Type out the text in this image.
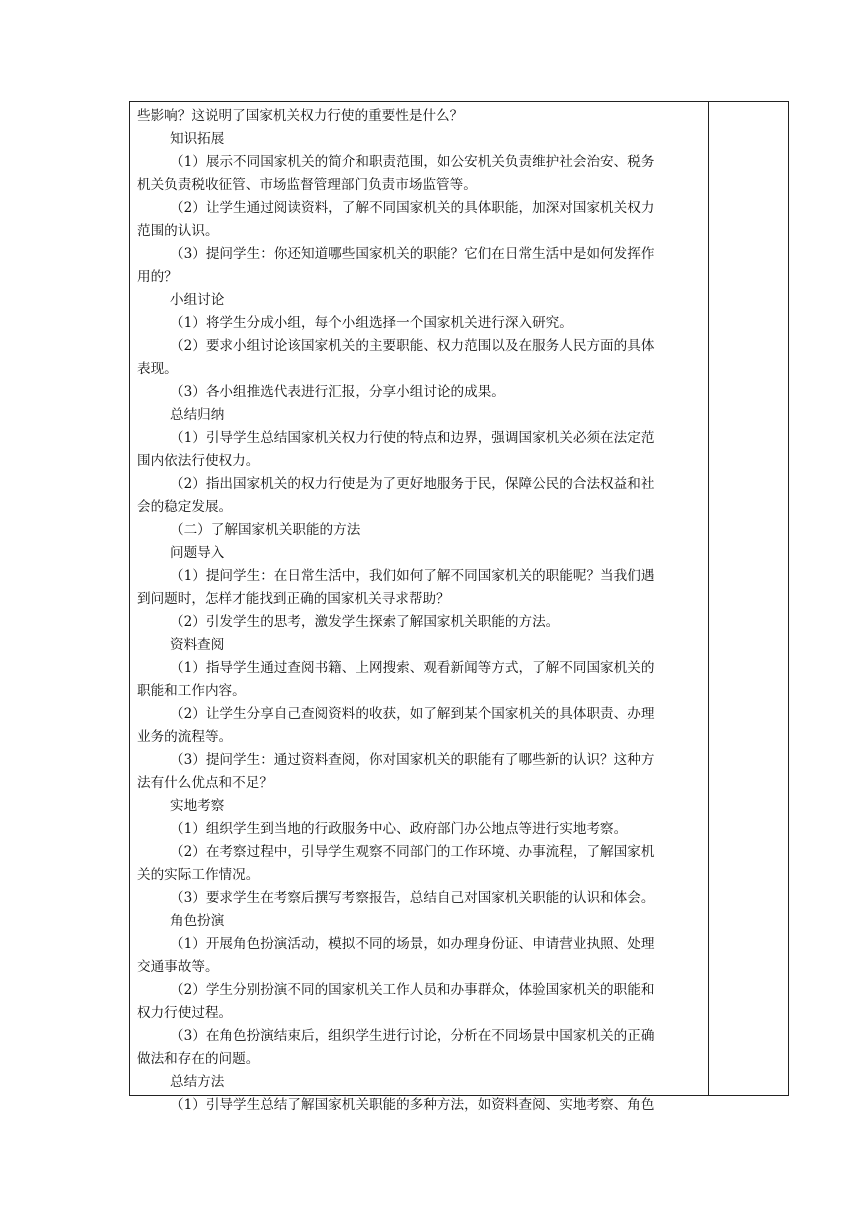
些影响？这说明了国家机关权力行使的重要性是什么？
知识拓展
（1）展示不同国家机关的简介和职责范围，如公安机关负责维护社会治安、税务
机关负责税收征管、市场监督管理部门负责市场监管等。
（2）让学生通过阅读资料，了解不同国家机关的具体职能，加深对国家机关权力
范围的认识。
（3）提问学生：你还知道哪些国家机关的职能？它们在日常生活中是如何发挥作
用的？
小组讨论
（1）将学生分成小组，每个小组选择一个国家机关进行深入研究。
（2）要求小组讨论该国家机关的主要职能、权力范围以及在服务人民方面的具体
表现。
（3）各小组推选代表进行汇报，分享小组讨论的成果。
总结归纳
（1）引导学生总结国家机关权力行使的特点和边界，强调国家机关必须在法定范
围内依法行使权力。
（2）指出国家机关的权力行使是为了更好地服务于民，保障公民的合法权益和社
会的稳定发展。
（二）了解国家机关职能的方法
问题导入
（1）提问学生：在日常生活中，我们如何了解不同国家机关的职能呢？当我们遇
到问题时，怎样才能找到正确的国家机关寻求帮助？
（2）引发学生的思考，激发学生探索了解国家机关职能的方法。
资料查阅
（1）指导学生通过查阅书籍、上网搜索、观看新闻等方式，了解不同国家机关的
职能和工作内容。
（2）让学生分享自己查阅资料的收获，如了解到某个国家机关的具体职责、办理
业务的流程等。
（3）提问学生：通过资料查阅，你对国家机关的职能有了哪些新的认识？这种方
法有什么优点和不足？
实地考察
（1）组织学生到当地的行政服务中心、政府部门办公地点等进行实地考察。
（2）在考察过程中，引导学生观察不同部门的工作环境、办事流程，了解国家机
关的实际工作情况。
（3）要求学生在考察后撰写考察报告，总结自己对国家机关职能的认识和体会。
角色扮演
（1）开展角色扮演活动，模拟不同的场景，如办理身份证、申请营业执照、处理
交通事故等。
（2）学生分别扮演不同的国家机关工作人员和办事群众，体验国家机关的职能和
权力行使过程。
（3）在角色扮演结束后，组织学生进行讨论，分析在不同场景中国家机关的正确
做法和存在的问题。
总结方法
（1）引导学生总结了解国家机关职能的多种方法，如资料查阅、实地考察、角色
